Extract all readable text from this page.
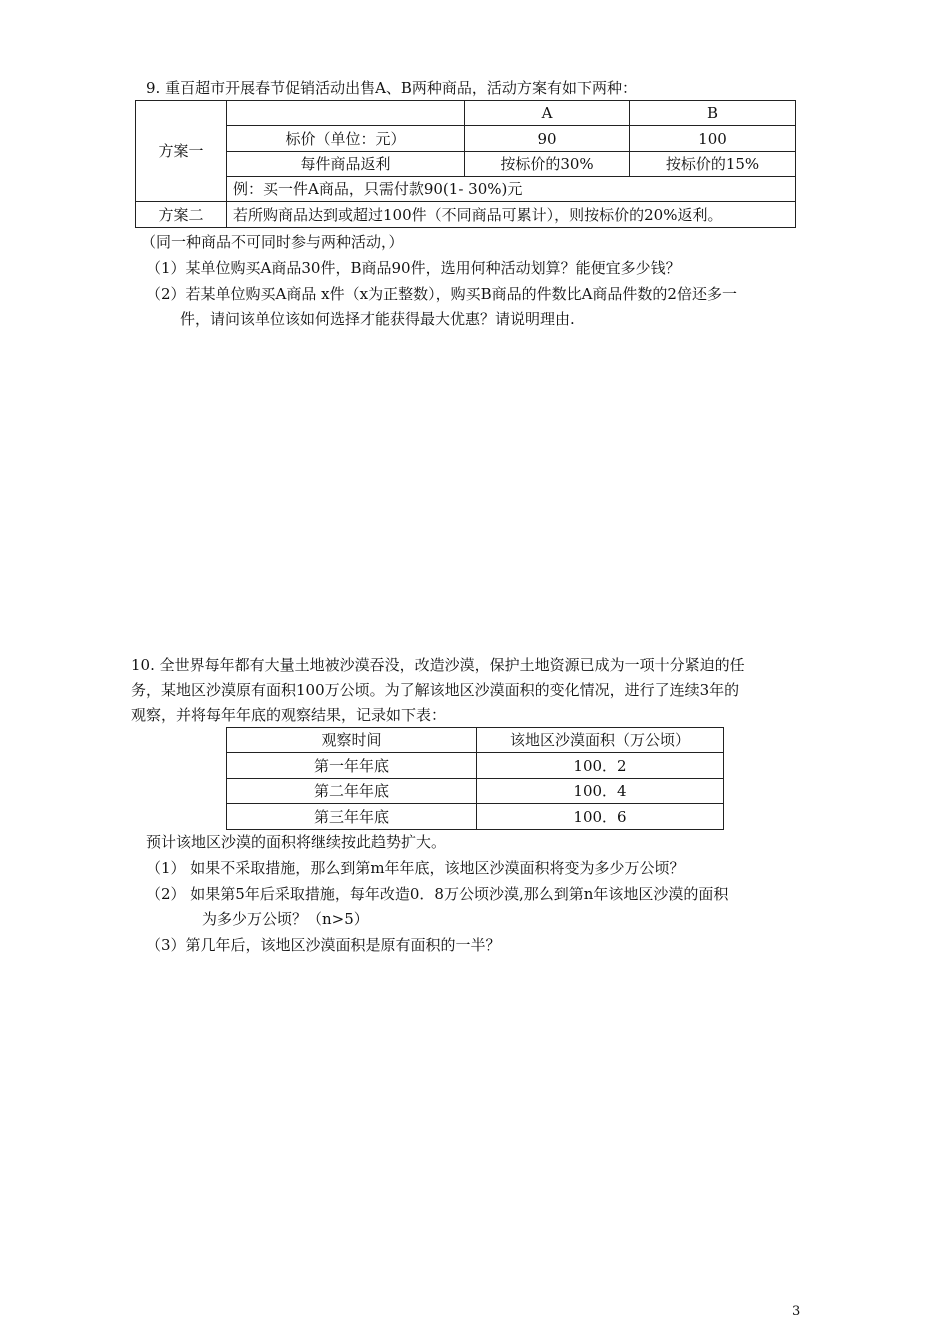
9. 重百超市开展春节促销活动出售A、B两种商品，活动方案有如下两种：
方案一		A	B
	标价（单位：元）	90	100
	每件商品返利	按标价的30%	按标价的15%
	例：买一件A商品，只需付款90(1- 30%)元		
方案二	若所购商品达到或超过100件（不同商品可累计），则按标价的20%返利。		
（同一种商品不可同时参与两种活动，）
（1）某单位购买A商品30件，B商品90件，选用何种活动划算？能便宜多少钱？
（2）若某单位购买A商品 x件（x为正整数），购买B商品的件数比A商品件数的2倍还多一
件，请问该单位该如何选择才能获得最大优惠？请说明理由.
10. 全世界每年都有大量土地被沙漠吞没，改造沙漠，保护土地资源已成为一项十分紧迫的任
务，某地区沙漠原有面积100万公顷。为了解该地区沙漠面积的变化情况，进行了连续3年的
观察，并将每年年底的观察结果，记录如下表：
观察时间	该地区沙漠面积（万公顷）
第一年年底	100．2
第二年年底	100．4
第三年年底	100．6
预计该地区沙漠的面积将继续按此趋势扩大。
（1） 如果不采取措施，那么到第m年年底，该地区沙漠面积将变为多少万公顷？
（2） 如果第5年后采取措施，每年改造0．8万公顷沙漠,那么到第n年该地区沙漠的面积
为多少万公顷？（n>5）
（3）第几年后，该地区沙漠面积是原有面积的一半？
3
